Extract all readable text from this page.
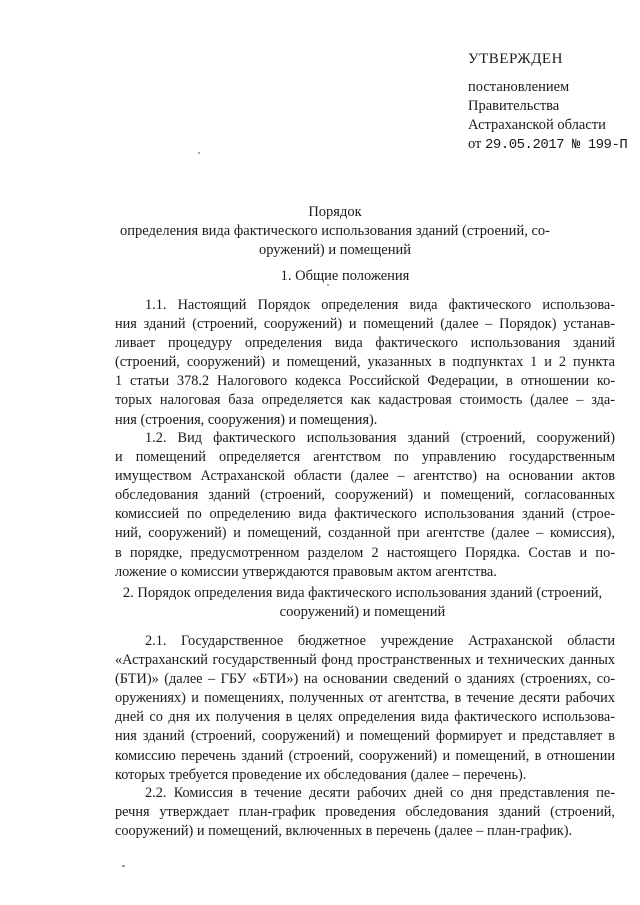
УТВЕРЖДЕН
постановлением
Правительства
Астраханской области
от 29.05.2017 № 199-П
Порядок
определения вида фактического использования зданий (строений, со-
оружений) и помещений
1. Общие положения
1.1. Настоящий Порядок определения вида фактического использова-
ния зданий (строений, сооружений) и помещений (далее – Порядок) устанав-
ливает процедуру определения вида фактического использования зданий
(строений, сооружений) и помещений, указанных в подпунктах 1 и 2 пункта
1 статьи 378.2 Налогового кодекса Российской Федерации, в отношении ко-
торых налоговая база определяется как кадастровая стоимость (далее – зда-
ния (строения, сооружения) и помещения).
1.2. Вид фактического использования зданий (строений, сооружений)
и помещений определяется агентством по управлению государственным
имуществом Астраханской области (далее – агентство) на основании актов
обследования зданий (строений, сооружений) и помещений, согласованных
комиссией по определению вида фактического использования зданий (строе-
ний, сооружений) и помещений, созданной при агентстве (далее – комиссия),
в порядке, предусмотренном разделом 2 настоящего Порядка. Состав и по-
ложение о комиссии утверждаются правовым актом агентства.
2. Порядок определения вида фактического использования зданий (строений,
сооружений) и помещений
2.1. Государственное бюджетное учреждение Астраханской области
«Астраханский государственный фонд пространственных и технических данных
(БТИ)» (далее – ГБУ «БТИ») на основании сведений о зданиях (строениях, со-
оружениях) и помещениях, полученных от агентства, в течение десяти рабочих
дней со дня их получения в целях определения вида фактического использова-
ния зданий (строений, сооружений) и помещений формирует и представляет в
комиссию перечень зданий (строений, сооружений) и помещений, в отношении
которых требуется проведение их обследования (далее – перечень).
2.2. Комиссия в течение десяти рабочих дней со дня представления пе-
речня утверждает план-график проведения обследования зданий (строений,
сооружений) и помещений, включенных в перечень (далее – план-график).
